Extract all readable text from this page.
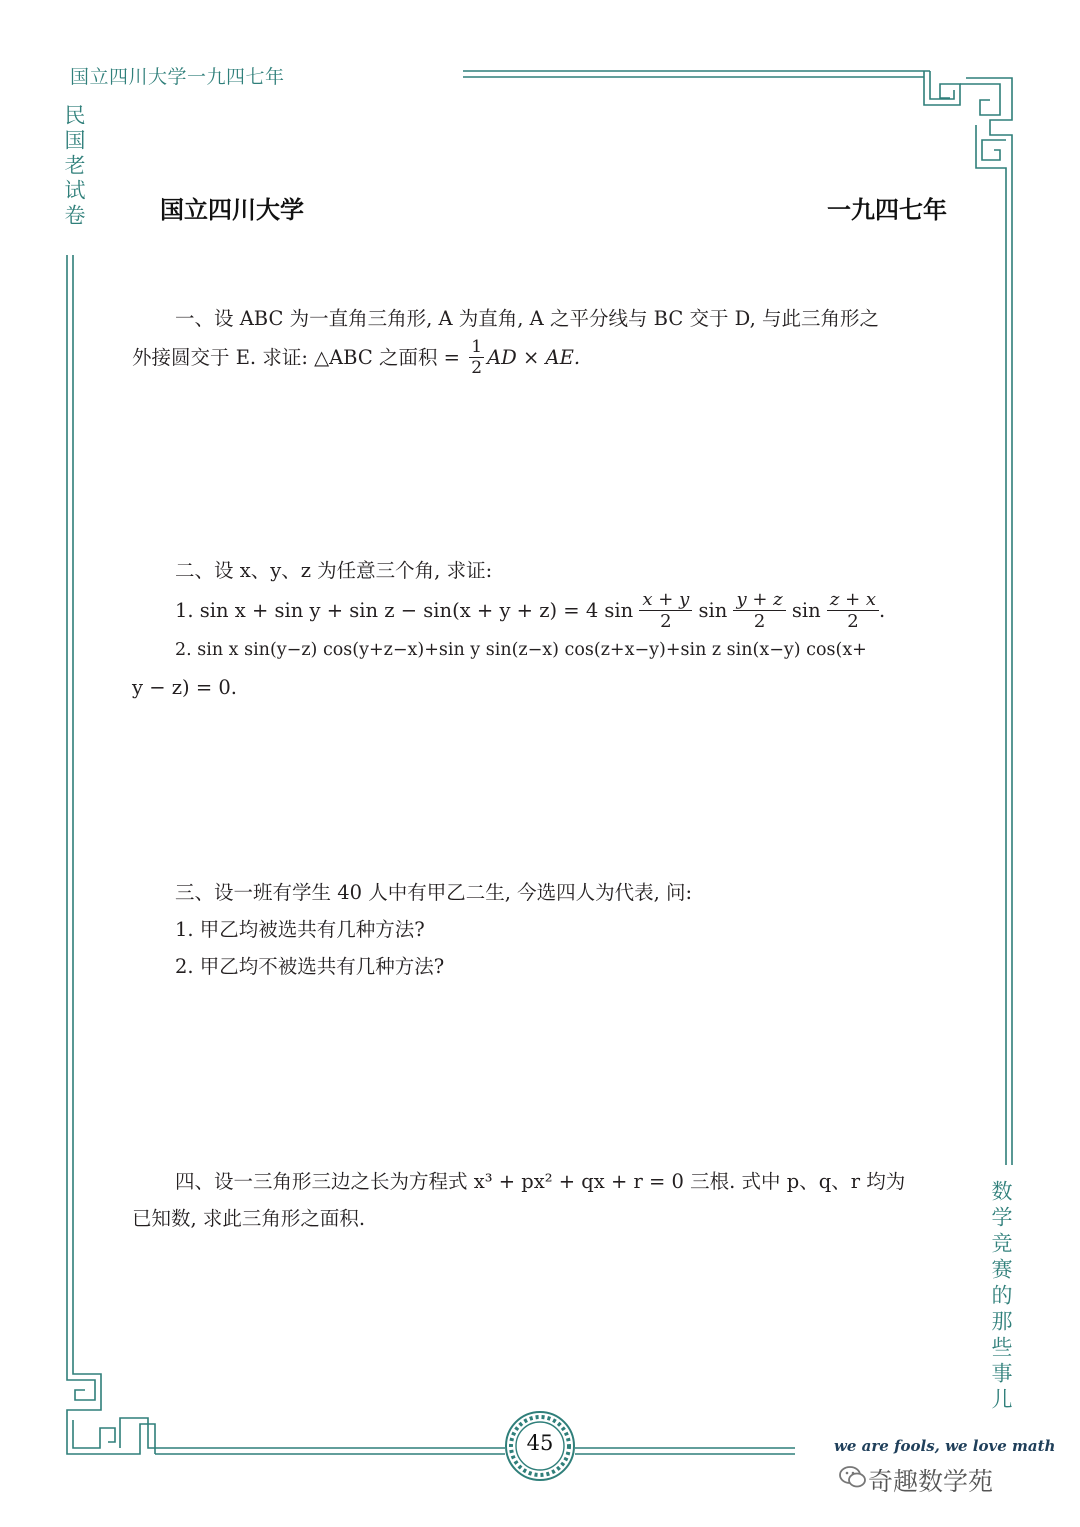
国立四川大学一九四七年
民国老试卷
数学竞赛的那些事儿
国立四川大学	一九四七年
一、设 ABC 为一直角三角形, A 为直角, A 之平分线与 BC 交于 D, 与此三角形之
外接圆交于 E. 求证: △ABC 之面积 = $\frac{1}{2}$ AD × AE.
二、设 x、y、z 为任意三个角, 求证:
1. sin x + sin y + sin z − sin(x + y + z) = 4 $\sin \frac{x + y}{2}$ $\sin \frac{y + z}{2}$ $\sin \frac{z + x}{2}$ .
2. sin x sin(y−z) cos(y+z−x)+sin y sin(z−x) cos(z+x−y)+sin z sin(x−y) cos(x+
y − z) = 0.
三、设一班有学生 40 人中有甲乙二生, 今选四人为代表, 问:
1. 甲乙均被选共有几种方法?
2. 甲乙均不被选共有几种方法?
四、设一三角形三边之长为方程式 x³ + px² + qx + r = 0 三根. 式中 p、q、r 均为
已知数, 求此三角形之面积.
45	we are fools, we love math
奇趣数学苑
